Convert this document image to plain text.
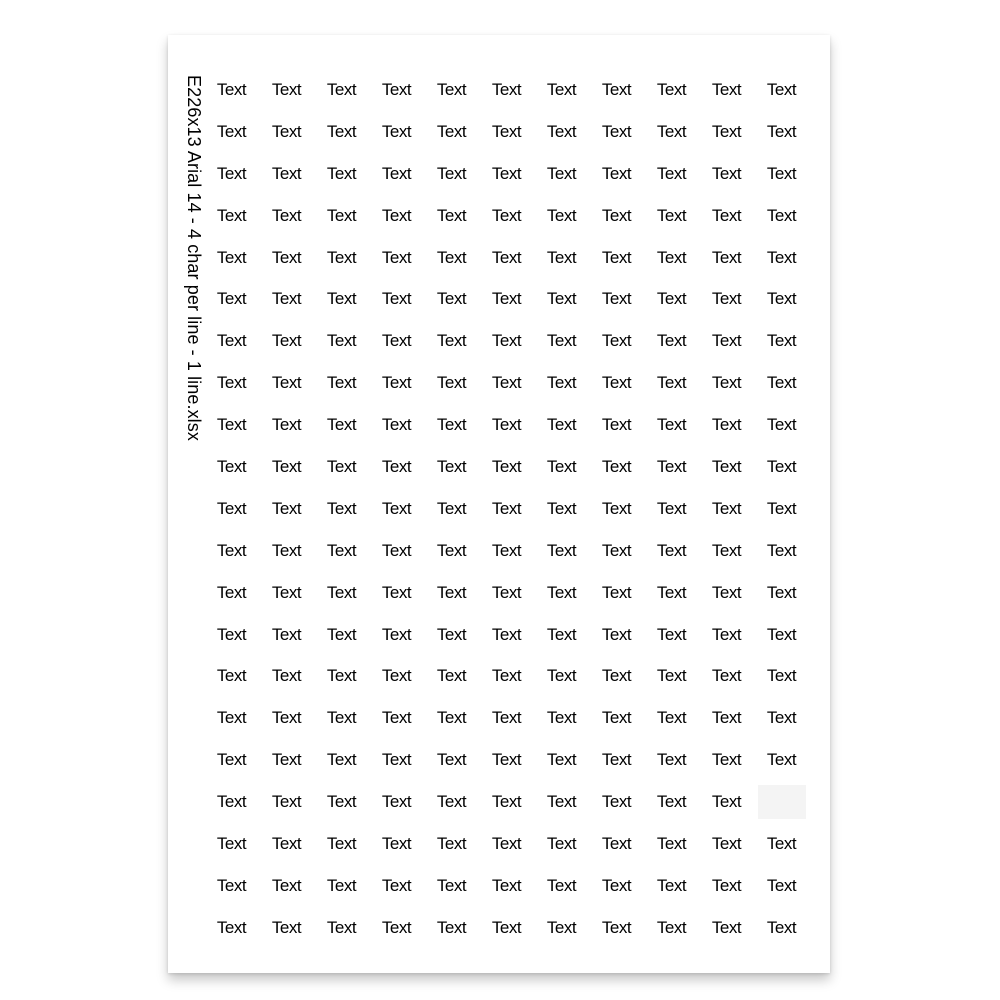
E226x13 Arial 14 - 4 char per line - 1 line.xlsx Text Text Text Text Text Text Text Text Text Text Text
Text Text Text Text Text Text Text Text Text Text Text
Text Text Text Text Text Text Text Text Text Text Text
Text Text Text Text Text Text Text Text Text Text Text
Text Text Text Text Text Text Text Text Text Text Text
Text Text Text Text Text Text Text Text Text Text Text
Text Text Text Text Text Text Text Text Text Text Text
Text Text Text Text Text Text Text Text Text Text Text
Text Text Text Text Text Text Text Text Text Text Text
Text Text Text Text Text Text Text Text Text Text Text
Text Text Text Text Text Text Text Text Text Text Text
Text Text Text Text Text Text Text Text Text Text Text
Text Text Text Text Text Text Text Text Text Text Text
Text Text Text Text Text Text Text Text Text Text Text
Text Text Text Text Text Text Text Text Text Text Text
Text Text Text Text Text Text Text Text Text Text Text
Text Text Text Text Text Text Text Text Text Text Text
Text Text Text Text Text Text Text Text Text Text
Text Text Text Text Text Text Text Text Text Text Text
Text Text Text Text Text Text Text Text Text Text Text
Text Text Text Text Text Text Text Text Text Text Text
